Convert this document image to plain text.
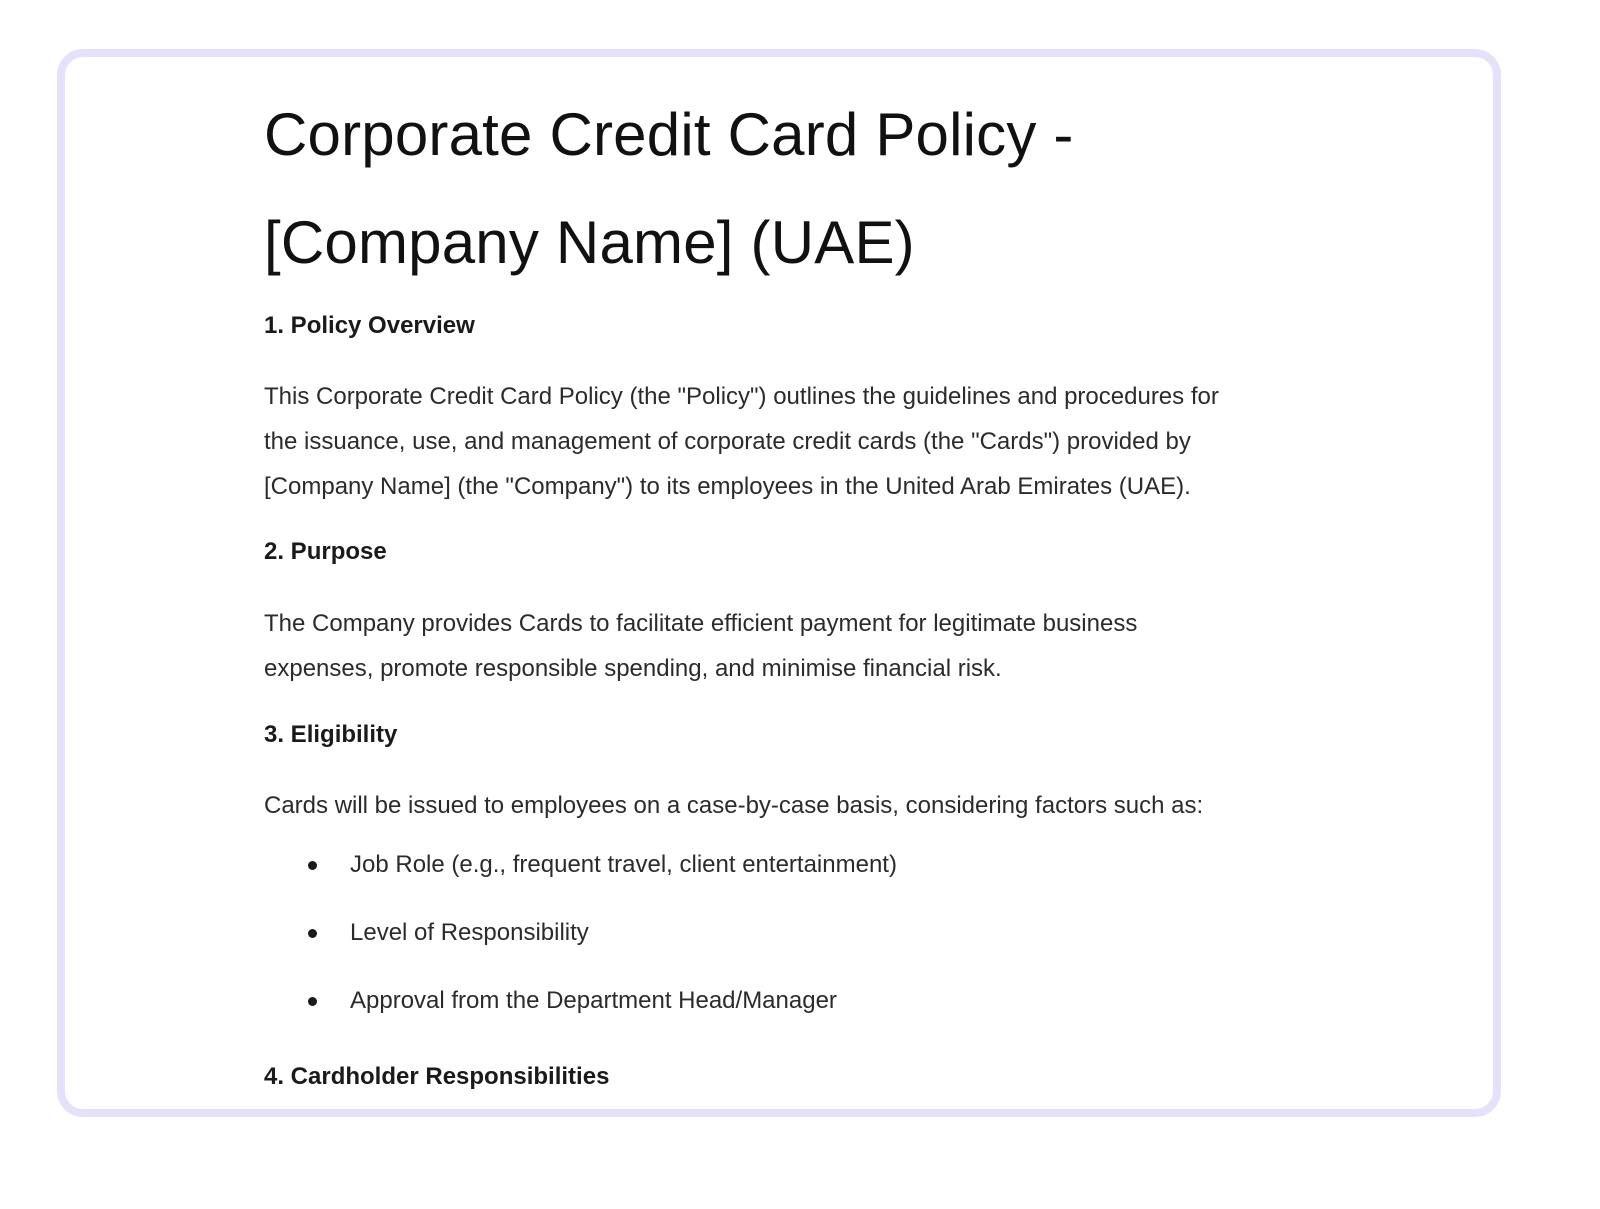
Corporate Credit Card Policy -
[Company Name] (UAE)
1. Policy Overview
This Corporate Credit Card Policy (the "Policy") outlines the guidelines and procedures for
the issuance, use, and management of corporate credit cards (the "Cards") provided by
[Company Name] (the "Company") to its employees in the United Arab Emirates (UAE).
2. Purpose
The Company provides Cards to facilitate efficient payment for legitimate business
expenses, promote responsible spending, and minimise financial risk.
3. Eligibility
Cards will be issued to employees on a case-by-case basis, considering factors such as:
Job Role (e.g., frequent travel, client entertainment)
Level of Responsibility
Approval from the Department Head/Manager
4. Cardholder Responsibilities
